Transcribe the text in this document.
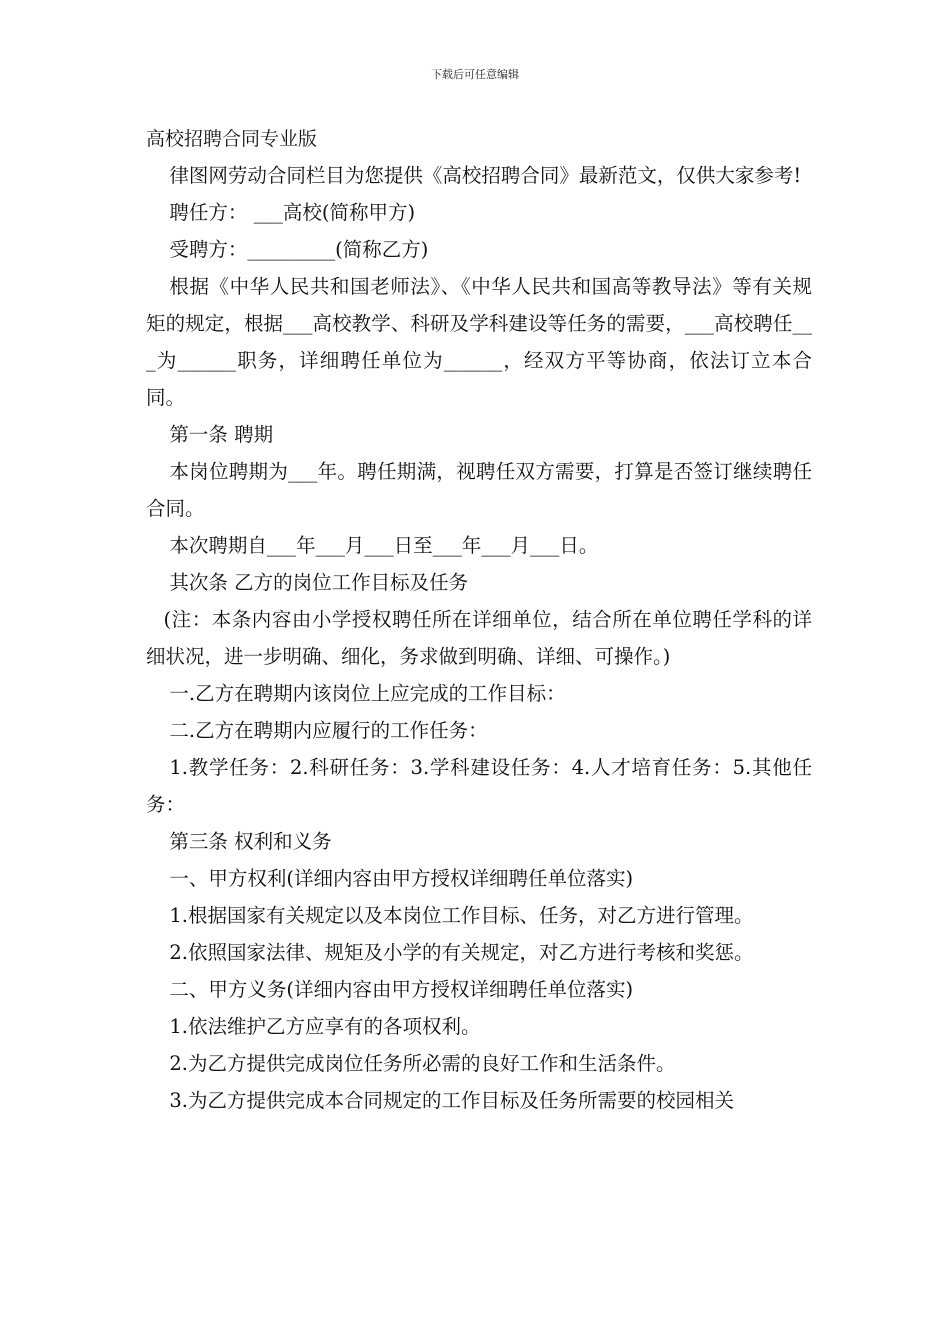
下载后可任意编辑
高校招聘合同专业版

律图网劳动合同栏目为您提供《高校招聘合同》最新范文，仅供大家参考!

聘任方： ___高校(简称甲方)

受聘方：_________(简称乙方)

根据《中华人民共和国老师法》、《中华人民共和国高等教导法》等有关规矩的规定，根据___高校教学、科研及学科建设等任务的需要，___高校聘任___为______职务，详细聘任单位为______，经双方平等协商，依法订立本合同。

第一条 聘期

本岗位聘期为___年。聘任期满，视聘任双方需要，打算是否签订继续聘任合同。

本次聘期自___年___月___日至___年___月___日。

其次条 乙方的岗位工作目标及任务

(注：本条内容由小学授权聘任所在详细单位，结合所在单位聘任学科的详细状况，进一步明确、细化，务求做到明确、详细、可操作。)

一.乙方在聘期内该岗位上应完成的工作目标：

二.乙方在聘期内应履行的工作任务：

1.教学任务：2.科研任务：3.学科建设任务：4.人才培育任务：5.其他任务：

第三条 权利和义务

一、甲方权利(详细内容由甲方授权详细聘任单位落实)

1.根据国家有关规定以及本岗位工作目标、任务，对乙方进行管理。

2.依照国家法律、规矩及小学的有关规定，对乙方进行考核和奖惩。

二、甲方义务(详细内容由甲方授权详细聘任单位落实)

1.依法维护乙方应享有的各项权利。

2.为乙方提供完成岗位任务所必需的良好工作和生活条件。

3.为乙方提供完成本合同规定的工作目标及任务所需要的校园相关
